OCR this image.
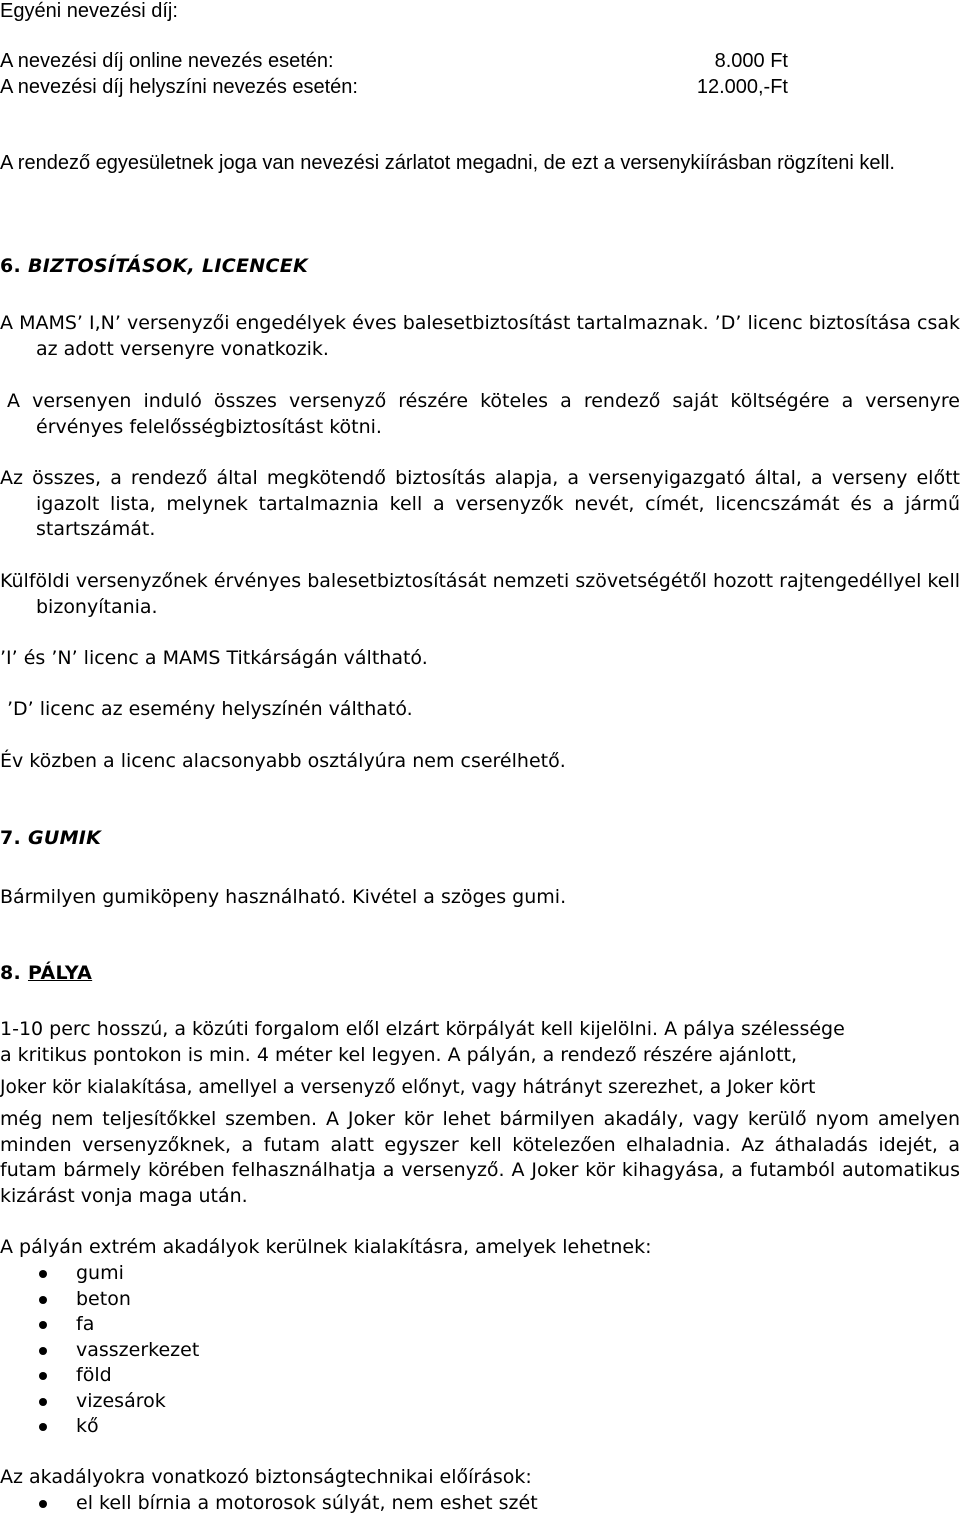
Egyéni nevezési díj:
A nevezési díj online nevezés esetén:	8.000 Ft
A nevezési díj helyszíni nevezés esetén:	12.000,-Ft

A rendező egyesületnek joga van nevezési zárlatot megadni, de ezt a versenykiírásban rögzíteni kell.

6. BIZTOSÍTÁSOK, LICENCEK

A MAMS’ I,N’ versenyzői engedélyek éves balesetbiztosítást tartalmaznak. ’D’ licenc biztosítása csak az adott versenyre vonatkozik.

A versenyen induló összes versenyző részére köteles a rendező saját költségére a versenyre érvényes felelősségbiztosítást kötni.

Az összes, a rendező által megkötendő biztosítás alapja, a versenyigazgató által, a verseny előtt igazolt lista, melynek tartalmaznia kell a versenyzők nevét, címét, licencszámát és a jármű startszámát.

Külföldi versenyzőnek érvényes balesetbiztosítását nemzeti szövetségétől hozott rajtengedéllyel kell bizonyítania.

’I’ és ’N’ licenc a MAMS Titkárságán váltható.

’D’ licenc az esemény helyszínén váltható.

Év közben a licenc alacsonyabb osztályúra nem cserélhető.

7. GUMIK

Bármilyen gumiköpeny használható. Kivétel a szöges gumi.

8. PÁLYA

1-10 perc hosszú, a közúti forgalom elől elzárt körpályát kell kijelölni. A pálya szélessége

a kritikus pontokon is min. 4 méter kel legyen. A pályán, a rendező részére ajánlott,

Joker kör kialakítása, amellyel a versenyző előnyt, vagy hátrányt szerezhet, a Joker kört

még nem teljesítőkkel szemben. A Joker kör lehet bármilyen akadály, vagy kerülő nyom amelyen minden versenyzőknek, a futam alatt egyszer kell kötelezően elhaladnia. Az áthaladás idejét, a futam bármely körében felhasználhatja a versenyző. A Joker kör kihagyása, a futamból automatikus kizárást vonja maga után.

A pályán extrém akadályok kerülnek kialakításra, amelyek lehetnek:

gumi
beton
fa
vasszerkezet
föld
vizesárok
kő

Az akadályokra vonatkozó biztonságtechnikai előírások:

el kell bírnia a motorosok súlyát, nem eshet szét
